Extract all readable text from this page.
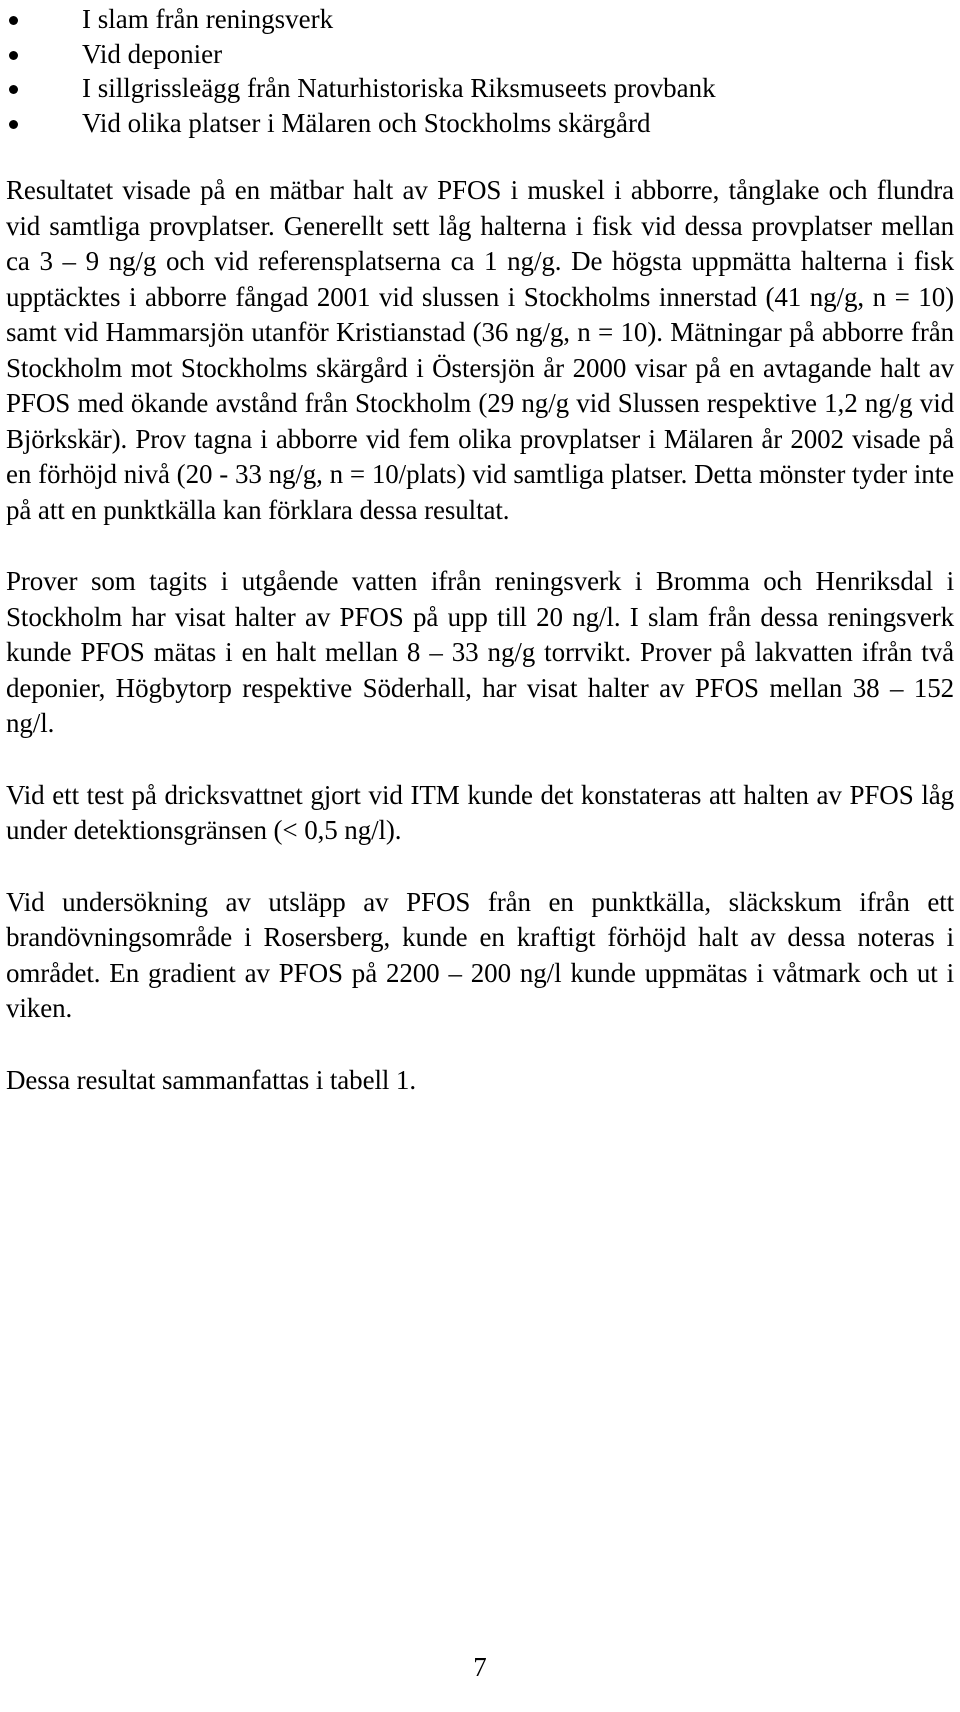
I slam från reningsverk
Vid deponier
I sillgrissleägg från Naturhistoriska Riksmuseets provbank
Vid olika platser i Mälaren och Stockholms skärgård

Resultatet visade på en mätbar halt av PFOS i muskel i abborre, tånglake och flundra vid samtliga provplatser. Generellt sett låg halterna i fisk vid dessa provplatser mellan ca 3 – 9 ng/g och vid referensplatserna ca 1 ng/g. De högsta uppmätta halterna i fisk upptäcktes i abborre fångad 2001 vid slussen i Stockholms innerstad (41 ng/g, n = 10) samt vid Hammarsjön utanför Kristianstad (36 ng/g, n = 10). Mätningar på abborre från Stockholm mot Stockholms skärgård i Östersjön år 2000 visar på en avtagande halt av PFOS med ökande avstånd från Stockholm (29 ng/g vid Slussen respektive 1,2 ng/g vid Björkskär). Prov tagna i abborre vid fem olika provplatser i Mälaren år 2002 visade på en förhöjd nivå (20 - 33 ng/g, n = 10/plats) vid samtliga platser. Detta mönster tyder inte på att en punktkälla kan förklara dessa resultat.

Prover som tagits i utgående vatten ifrån reningsverk i Bromma och Henriksdal i Stockholm har visat halter av PFOS på upp till 20 ng/l. I slam från dessa reningsverk kunde PFOS mätas i en halt mellan 8 – 33 ng/g torrvikt. Prover på lakvatten ifrån två deponier, Högbytorp respektive Söderhall, har visat halter av PFOS mellan 38 – 152 ng/l.

Vid ett test på dricksvattnet gjort vid ITM kunde det konstateras att halten av PFOS låg under detektionsgränsen (< 0,5 ng/l).

Vid undersökning av utsläpp av PFOS från en punktkälla, släckskum ifrån ett brandövningsområde i Rosersberg, kunde en kraftigt förhöjd halt av dessa noteras i området. En gradient av PFOS på 2200 – 200 ng/l kunde uppmätas i våtmark och ut i viken.

Dessa resultat sammanfattas i tabell 1.

7
